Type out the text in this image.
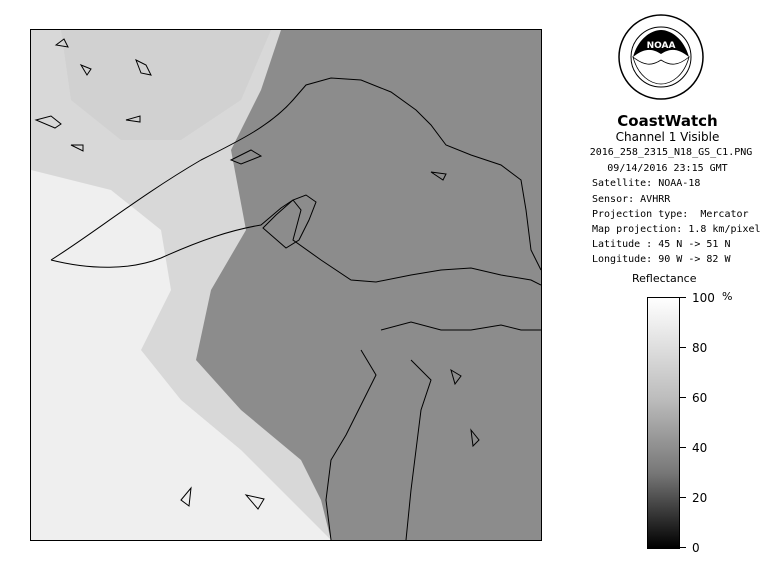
NOAA
CoastWatch
Channel 1 Visible
2016_258_2315_N18_GS_C1.PNG
09/14/2016 23:15 GMT
Satellite: NOAA-18
Sensor: AVHRR
Projection type:  Mercator
Map projection: 1.8 km/pixel
Latitude : 45 N -> 51 N
Longitude: 90 W -> 82 W
Reflectance
%
100
80
60
40
20
0
